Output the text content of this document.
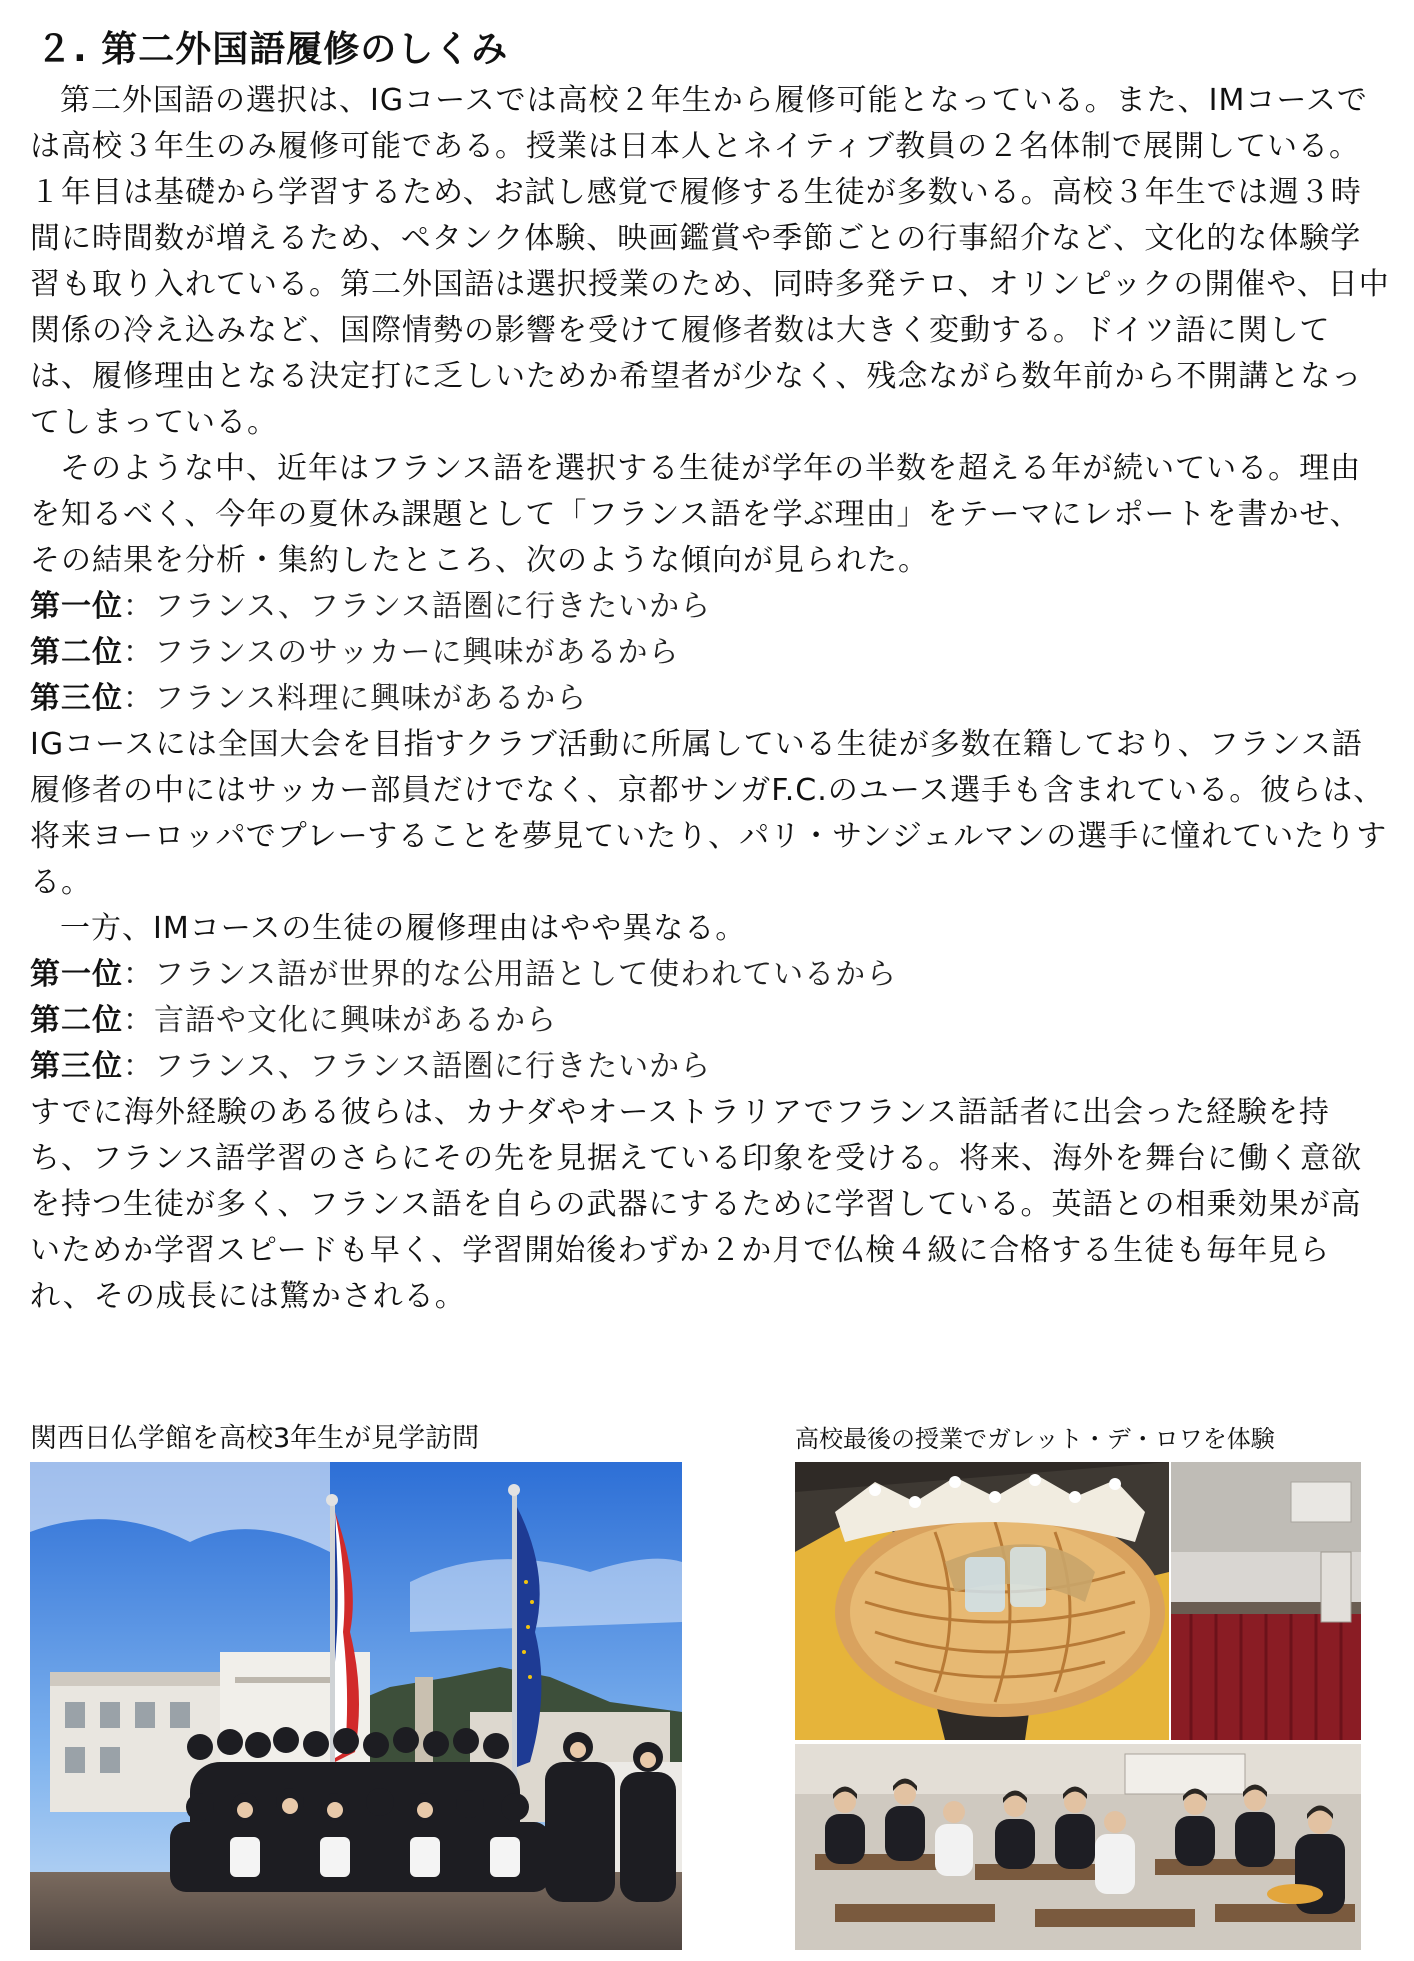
２. 第二外国語履修のしくみ

第二外国語の選択は、IGコースでは高校２年生から履修可能となっている。また、IMコースでは高校３年生のみ履修可能である。授業は日本人とネイティブ教員の２名体制で展開している。１年目は基礎から学習するため、お試し感覚で履修する生徒が多数いる。高校３年生では週３時間に時間数が増えるため、ペタンク体験、映画鑑賞や季節ごとの行事紹介など、文化的な体験学習も取り入れている。第二外国語は選択授業のため、同時多発テロ、オリンピックの開催や、日中関係の冷え込みなど、国際情勢の影響を受けて履修者数は大きく変動する。ドイツ語に関しては、履修理由となる決定打に乏しいためか希望者が少なく、残念ながら数年前から不開講となってしまっている。

そのような中、近年はフランス語を選択する生徒が学年の半数を超える年が続いている。理由を知るべく、今年の夏休み課題として「フランス語を学ぶ理由」をテーマにレポートを書かせ、その結果を分析・集約したところ、次のような傾向が見られた。

第一位：フランス、フランス語圏に行きたいから

第二位：フランスのサッカーに興味があるから

第三位：フランス料理に興味があるから

IGコースには全国大会を目指すクラブ活動に所属している生徒が多数在籍しており、フランス語履修者の中にはサッカー部員だけでなく、京都サンガF.C.のユース選手も含まれている。彼らは、将来ヨーロッパでプレーすることを夢見ていたり、パリ・サンジェルマンの選手に憧れていたりする。

一方、IMコースの生徒の履修理由はやや異なる。

第一位：フランス語が世界的な公用語として使われているから

第二位：言語や文化に興味があるから

第三位：フランス、フランス語圏に行きたいから

すでに海外経験のある彼らは、カナダやオーストラリアでフランス語話者に出会った経験を持ち、フランス語学習のさらにその先を見据えている印象を受ける。将来、海外を舞台に働く意欲を持つ生徒が多く、フランス語を自らの武器にするために学習している。英語との相乗効果が高いためか学習スピードも早く、学習開始後わずか２か月で仏検４級に合格する生徒も毎年見られ、その成長には驚かされる。

関西日仏学館を高校3年生が見学訪問	高校最後の授業でガレット・デ・ロワを体験
